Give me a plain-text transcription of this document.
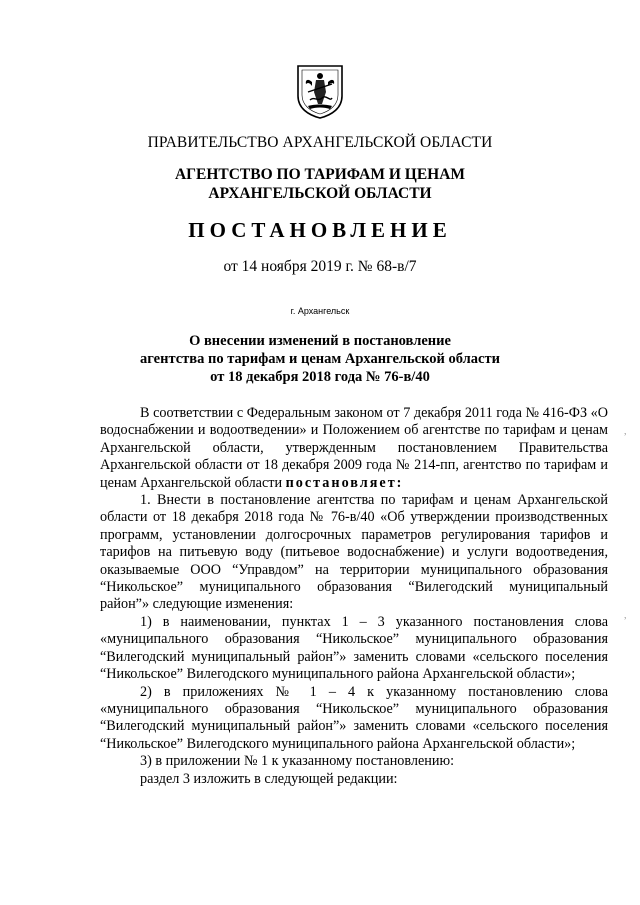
ПРАВИТЕЛЬСТВО АРХАНГЕЛЬСКОЙ ОБЛАСТИ
АГЕНТСТВО ПО ТАРИФАМ И ЦЕНАМ
АРХАНГЕЛЬСКОЙ ОБЛАСТИ
ПОСТАНОВЛЕНИЕ
от 14 ноября 2019 г. № 68-в/7
г. Архангельск
О внесении изменений в постановление
агентства по тарифам и ценам Архангельской области
от 18 декабря 2018 года № 76-в/40

В соответствии с Федеральным законом от 7 декабря 2011 года № 416-ФЗ «О водоснабжении и водоотведении» и Положением об агентстве по тарифам и ценам Архангельской области, утвержденным постановлением Правительства Архангельской области от 18 декабря 2009 года № 214-пп, агентство по тарифам и ценам Архангельской области постановляет:

1. Внести в постановление агентства по тарифам и ценам Архангельской области от 18 декабря 2018 года № 76-в/40 «Об утверждении производственных программ, установлении долгосрочных параметров регулирования тарифов и тарифов на питьевую воду (питьевое водоснабжение) и услуги водоотведения, оказываемые ООО “Управдом” на территории муниципального образования “Никольское” муниципального образования “Вилегодский муниципальный район”» следующие изменения:

1) в наименовании, пунктах 1 – 3 указанного постановления слова «муниципального образования “Никольское” муниципального образования “Вилегодский муниципальный район”» заменить словами «сельского поселения “Никольское” Вилегодского муниципального района Архангельской области»;

2) в приложениях № 1 – 4 к указанному постановлению слова «муниципального образования “Никольское” муниципального образования “Вилегодский муниципальный район”» заменить словами «сельского поселения “Никольское” Вилегодского муниципального района Архангельской области»;

3) в приложении № 1 к указанному постановлению:

раздел 3 изложить в следующей редакции:

,
,
